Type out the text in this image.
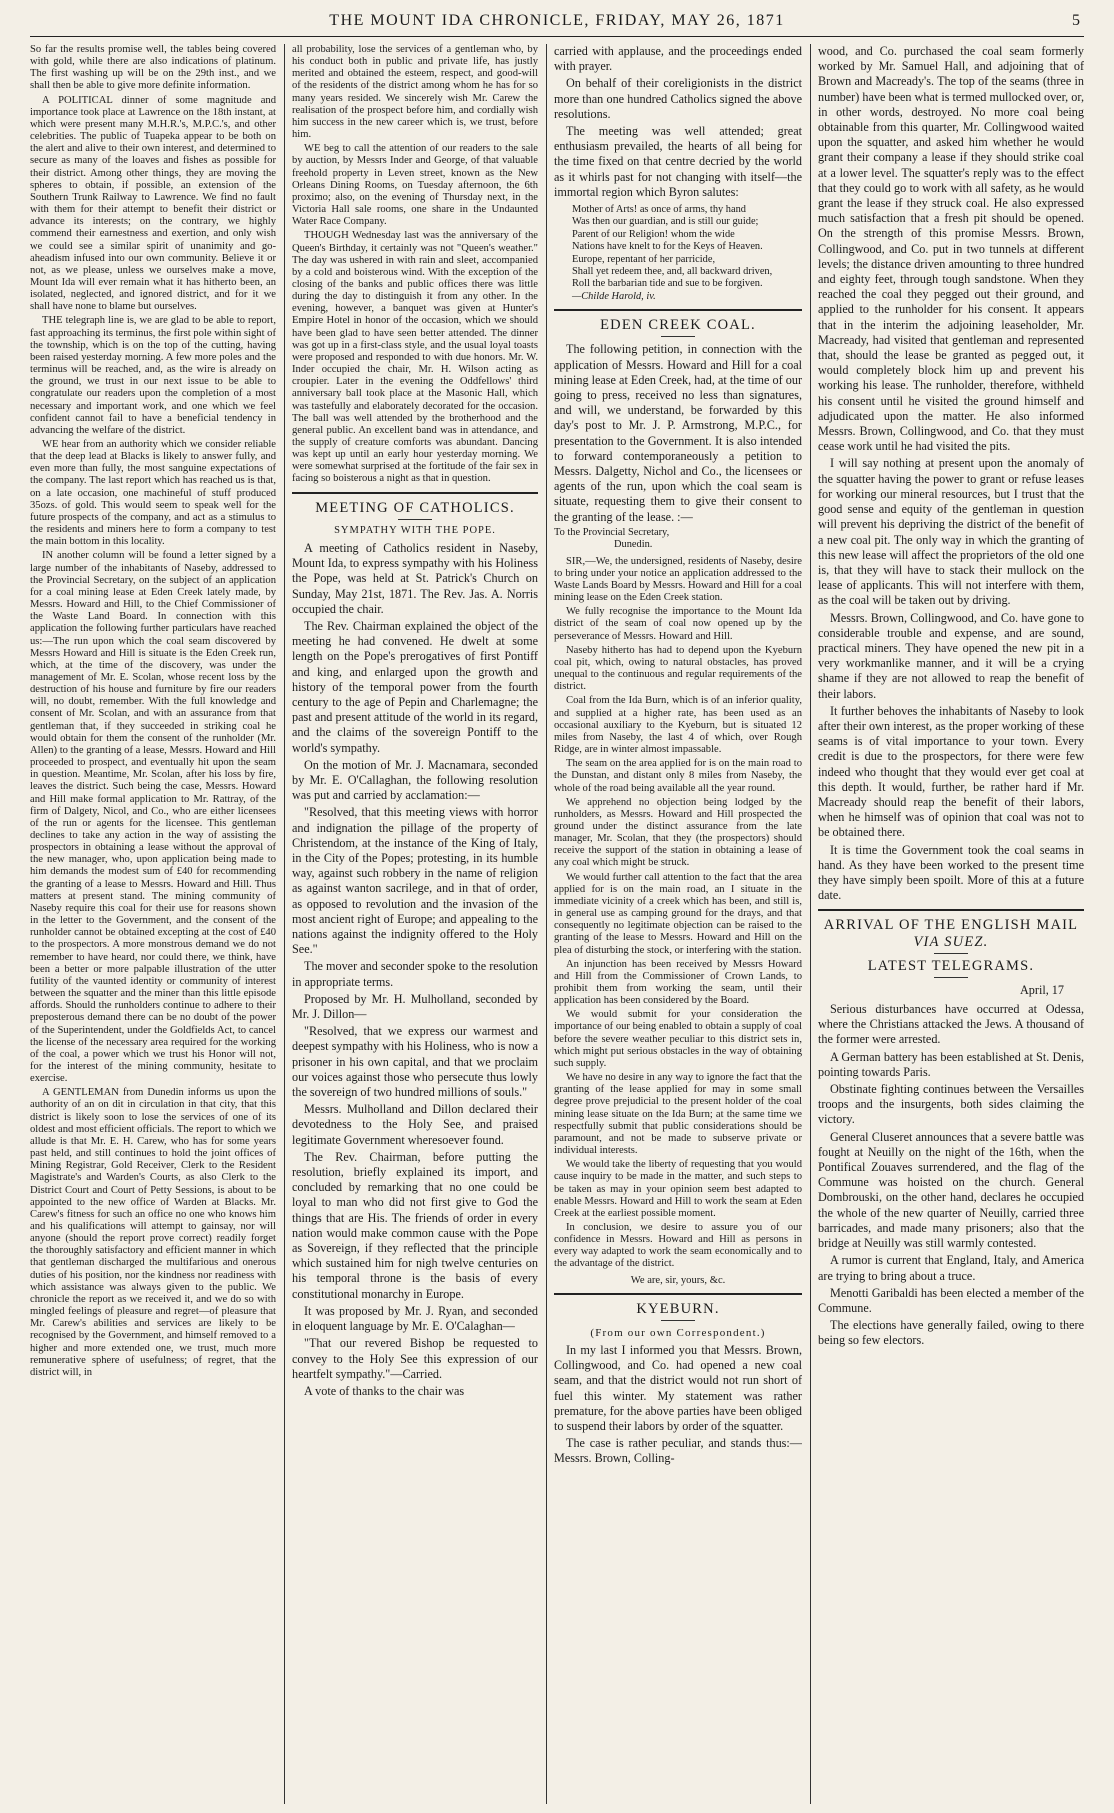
THE MOUNT IDA CHRONICLE, FRIDAY, MAY 26, 1871	5

So far the results promise well, the tables being covered with gold, while there are also indications of platinum. The first washing up will be on the 29th inst., and we shall then be able to give more definite information.

A POLITICAL dinner of some magnitude and importance took place at Lawrence on the 18th instant, at which were present many M.H.R.'s, M.P.C.'s, and other celebrities. The public of Tuapeka appear to be both on the alert and alive to their own interest, and determined to secure as many of the loaves and fishes as possible for their district. Among other things, they are moving the spheres to obtain, if possible, an extension of the Southern Trunk Railway to Lawrence. We find no fault with them for their attempt to benefit their district or advance its interests; on the contrary, we highly commend their earnestness and exertion, and only wish we could see a similar spirit of unanimity and go-aheadism infused into our own community. Believe it or not, as we please, unless we ourselves make a move, Mount Ida will ever remain what it has hitherto been, an isolated, neglected, and ignored district, and for it we shall have none to blame but ourselves.

THE telegraph line is, we are glad to be able to report, fast approaching its terminus, the first pole within sight of the township, which is on the top of the cutting, having been raised yesterday morning. A few more poles and the terminus will be reached, and, as the wire is already on the ground, we trust in our next issue to be able to congratulate our readers upon the completion of a most necessary and important work, and one which we feel confident cannot fail to have a beneficial tendency in advancing the welfare of the district.

WE hear from an authority which we consider reliable that the deep lead at Blacks is likely to answer fully, and even more than fully, the most sanguine expectations of the company. The last report which has reached us is that, on a late occasion, one machineful of stuff produced 35ozs. of gold. This would seem to speak well for the future prospects of the company, and act as a stimulus to the residents and miners here to form a company to test the main bottom in this locality.

IN another column will be found a letter signed by a large number of the inhabitants of Naseby, addressed to the Provincial Secretary, on the subject of an application for a coal mining lease at Eden Creek lately made, by Messrs. Howard and Hill, to the Chief Commissioner of the Waste Land Board. In connection with this application the following further particulars have reached us:—The run upon which the coal seam discovered by Messrs Howard and Hill is situate is the Eden Creek run, which, at the time of the discovery, was under the management of Mr. E. Scolan, whose recent loss by the destruction of his house and furniture by fire our readers will, no doubt, remember. With the full knowledge and consent of Mr. Scolan, and with an assurance from that gentleman that, if they succeeded in striking coal he would obtain for them the consent of the runholder (Mr. Allen) to the granting of a lease, Messrs. Howard and Hill proceeded to prospect, and eventually hit upon the seam in question. Meantime, Mr. Scolan, after his loss by fire, leaves the district. Such being the case, Messrs. Howard and Hill make formal application to Mr. Rattray, of the firm of Dalgety, Nicol, and Co., who are either licensees of the run or agents for the licensee. This gentleman declines to take any action in the way of assisting the prospectors in obtaining a lease without the approval of the new manager, who, upon application being made to him demands the modest sum of £40 for recommending the granting of a lease to Messrs. Howard and Hill. Thus matters at present stand. The mining community of Naseby require this coal for their use for reasons shown in the letter to the Government, and the consent of the runholder cannot be obtained excepting at the cost of £40 to the prospectors. A more monstrous demand we do not remember to have heard, nor could there, we think, have been a better or more palpable illustration of the utter futility of the vaunted identity or community of interest between the squatter and the miner than this little episode affords. Should the runholders continue to adhere to their preposterous demand there can be no doubt of the power of the Superintendent, under the Goldfields Act, to cancel the license of the necessary area required for the working of the coal, a power which we trust his Honor will not, for the interest of the mining community, hesitate to exercise.

A GENTLEMAN from Dunedin informs us upon the authority of an on dit in circulation in that city, that this district is likely soon to lose the services of one of its oldest and most efficient officials. The report to which we allude is that Mr. E. H. Carew, who has for some years past held, and still continues to hold the joint offices of Mining Registrar, Gold Receiver, Clerk to the Resident Magistrate's and Warden's Courts, as also Clerk to the District Court and Court of Petty Sessions, is about to be appointed to the new office of Warden at Blacks. Mr. Carew's fitness for such an office no one who knows him and his qualifications will attempt to gainsay, nor will anyone (should the report prove correct) readily forget the thoroughly satisfactory and efficient manner in which that gentleman discharged the multifarious and onerous duties of his position, nor the kindness nor readiness with which assistance was always given to the public. We chronicle the report as we received it, and we do so with mingled feelings of pleasure and regret—of pleasure that Mr. Carew's abilities and services are likely to be recognised by the Government, and himself removed to a higher and more extended one, we trust, much more remunerative sphere of usefulness; of regret, that the district will, in

all probability, lose the services of a gentleman who, by his conduct both in public and private life, has justly merited and obtained the esteem, respect, and good-will of the residents of the district among whom he has for so many years resided. We sincerely wish Mr. Carew the realisation of the prospect before him, and cordially wish him success in the new career which is, we trust, before him.

WE beg to call the attention of our readers to the sale by auction, by Messrs Inder and George, of that valuable freehold property in Leven street, known as the New Orleans Dining Rooms, on Tuesday afternoon, the 6th proximo; also, on the evening of Thursday next, in the Victoria Hall sale rooms, one share in the Undaunted Water Race Company.

THOUGH Wednesday last was the anniversary of the Queen's Birthday, it certainly was not "Queen's weather." The day was ushered in with rain and sleet, accompanied by a cold and boisterous wind. With the exception of the closing of the banks and public offices there was little during the day to distinguish it from any other. In the evening, however, a banquet was given at Hunter's Empire Hotel in honor of the occasion, which we should have been glad to have seen better attended. The dinner was got up in a first-class style, and the usual loyal toasts were proposed and responded to with due honors. Mr. W. Inder occupied the chair, Mr. H. Wilson acting as croupier. Later in the evening the Oddfellows' third anniversary ball took place at the Masonic Hall, which was tastefully and elaborately decorated for the occasion. The ball was well attended by the brotherhood and the general public. An excellent band was in attendance, and the supply of creature comforts was abundant. Dancing was kept up until an early hour yesterday morning. We were somewhat surprised at the fortitude of the fair sex in facing so boisterous a night as that in question.

MEETING OF CATHOLICS.
SYMPATHY WITH THE POPE.

A meeting of Catholics resident in Naseby, Mount Ida, to express sympathy with his Holiness the Pope, was held at St. Patrick's Church on Sunday, May 21st, 1871. The Rev. Jas. A. Norris occupied the chair.

The Rev. Chairman explained the object of the meeting he had convened. He dwelt at some length on the Pope's prerogatives of first Pontiff and king, and enlarged upon the growth and history of the temporal power from the fourth century to the age of Pepin and Charlemagne; the past and present attitude of the world in its regard, and the claims of the sovereign Pontiff to the world's sympathy.

On the motion of Mr. J. Macnamara, seconded by Mr. E. O'Callaghan, the following resolution was put and carried by acclamation:—

"Resolved, that this meeting views with horror and indignation the pillage of the property of Christendom, at the instance of the King of Italy, in the City of the Popes; protesting, in its humble way, against such robbery in the name of religion as against wanton sacrilege, and in that of order, as opposed to revolution and the invasion of the most ancient right of Europe; and appealing to the nations against the indignity offered to the Holy See."

The mover and seconder spoke to the resolution in appropriate terms.

Proposed by Mr. H. Mulholland, seconded by Mr. J. Dillon—

"Resolved, that we express our warmest and deepest sympathy with his Holiness, who is now a prisoner in his own capital, and that we proclaim our voices against those who persecute thus lowly the sovereign of two hundred millions of souls."

Messrs. Mulholland and Dillon declared their devotedness to the Holy See, and praised legitimate Government wheresoever found.

The Rev. Chairman, before putting the resolution, briefly explained its import, and concluded by remarking that no one could be loyal to man who did not first give to God the things that are His. The friends of order in every nation would make common cause with the Pope as Sovereign, if they reflected that the principle which sustained him for nigh twelve centuries on his temporal throne is the basis of every constitutional monarchy in Europe.

It was proposed by Mr. J. Ryan, and seconded in eloquent language by Mr. E. O'Calaghan—

"That our revered Bishop be requested to convey to the Holy See this expression of our heartfelt sympathy."—Carried.

A vote of thanks to the chair was

carried with applause, and the proceedings ended with prayer.

On behalf of their coreligionists in the district more than one hundred Catholics signed the above resolutions.

The meeting was well attended; great enthusiasm prevailed, the hearts of all being for the time fixed on that centre decried by the world as it whirls past for not changing with itself—the immortal region which Byron salutes:

Mother of Arts! as once of arms, thy hand
Was then our guardian, and is still our guide;
Parent of our Religion! whom the wide
Nations have knelt to for the Keys of Heaven.
Europe, repentant of her parricide,
Shall yet redeem thee, and, all backward driven,
Roll the barbarian tide and sue to be forgiven.
—Childe Harold, iv.
EDEN CREEK COAL.

The following petition, in connection with the application of Messrs. Howard and Hill for a coal mining lease at Eden Creek, had, at the time of our going to press, received no less than signatures, and will, we understand, be forwarded by this day's post to Mr. J. P. Armstrong, M.P.C., for presentation to the Government. It is also intended to forward contemporaneously a petition to Messrs. Dalgetty, Nichol and Co., the licensees or agents of the run, upon which the coal seam is situate, requesting them to give their consent to the granting of the lease. :—

To the Provincial Secretary,
Dunedin.

SIR,—We, the undersigned, residents of Naseby, desire to bring under your notice an application addressed to the Waste Lands Board by Messrs. Howard and Hill for a coal mining lease on the Eden Creek station.

We fully recognise the importance to the Mount Ida district of the seam of coal now opened up by the perseverance of Messrs. Howard and Hill.

Naseby hitherto has had to depend upon the Kyeburn coal pit, which, owing to natural obstacles, has proved unequal to the continuous and regular requirements of the district.

Coal from the Ida Burn, which is of an inferior quality, and supplied at a higher rate, has been used as an occasional auxiliary to the Kyeburn, but is situated 12 miles from Naseby, the last 4 of which, over Rough Ridge, are in winter almost impassable.

The seam on the area applied for is on the main road to the Dunstan, and distant only 8 miles from Naseby, the whole of the road being available all the year round.

We apprehend no objection being lodged by the runholders, as Messrs. Howard and Hill prospected the ground under the distinct assurance from the late manager, Mr. Scolan, that they (the prospectors) should receive the support of the station in obtaining a lease of any coal which might be struck.

We would further call attention to the fact that the area applied for is on the main road, an I situate in the immediate vicinity of a creek which has been, and still is, in general use as camping ground for the drays, and that consequently no legitimate objection can be raised to the granting of the lease to Messrs. Howard and Hill on the plea of disturbing the stock, or interfering with the station.

An injunction has been received by Messrs Howard and Hill from the Commissioner of Crown Lands, to prohibit them from working the seam, until their application has been considered by the Board.

We would submit for your consideration the importance of our being enabled to obtain a supply of coal before the severe weather peculiar to this district sets in, which might put serious obstacles in the way of obtaining such supply.

We have no desire in any way to ignore the fact that the granting of the lease applied for may in some small degree prove prejudicial to the present holder of the coal mining lease situate on the Ida Burn; at the same time we respectfully submit that public considerations should be paramount, and not be made to subserve private or individual interests.

We would take the liberty of requesting that you would cause inquiry to be made in the matter, and such steps to be taken as may in your opinion seem best adapted to enable Messrs. Howard and Hill to work the seam at Eden Creek at the earliest possible moment.

In conclusion, we desire to assure you of our confidence in Messrs. Howard and Hill as persons in every way adapted to work the seam economically and to the advantage of the district.

We are, sir, yours, &c.
KYEBURN.
(From our own Correspondent.)

In my last I informed you that Messrs. Brown, Collingwood, and Co. had opened a new coal seam, and that the district would not run short of fuel this winter. My statement was rather premature, for the above parties have been obliged to suspend their labors by order of the squatter.

The case is rather peculiar, and stands thus:—Messrs. Brown, Colling-

wood, and Co. purchased the coal seam formerly worked by Mr. Samuel Hall, and adjoining that of Brown and Macready's. The top of the seams (three in number) have been what is termed mullocked over, or, in other words, destroyed. No more coal being obtainable from this quarter, Mr. Collingwood waited upon the squatter, and asked him whether he would grant their company a lease if they should strike coal at a lower level. The squatter's reply was to the effect that they could go to work with all safety, as he would grant the lease if they struck coal. He also expressed much satisfaction that a fresh pit should be opened. On the strength of this promise Messrs. Brown, Collingwood, and Co. put in two tunnels at different levels; the distance driven amounting to three hundred and eighty feet, through tough sandstone. When they reached the coal they pegged out their ground, and applied to the runholder for his consent. It appears that in the interim the adjoining leaseholder, Mr. Macready, had visited that gentleman and represented that, should the lease be granted as pegged out, it would completely block him up and prevent his working his lease. The runholder, therefore, withheld his consent until he visited the ground himself and adjudicated upon the matter. He also informed Messrs. Brown, Collingwood, and Co. that they must cease work until he had visited the pits.

I will say nothing at present upon the anomaly of the squatter having the power to grant or refuse leases for working our mineral resources, but I trust that the good sense and equity of the gentleman in question will prevent his depriving the district of the benefit of a new coal pit. The only way in which the granting of this new lease will affect the proprietors of the old one is, that they will have to stack their mullock on the lease of applicants. This will not interfere with them, as the coal will be taken out by driving.

Messrs. Brown, Collingwood, and Co. have gone to considerable trouble and expense, and are sound, practical miners. They have opened the new pit in a very workmanlike manner, and it will be a crying shame if they are not allowed to reap the benefit of their labors.

It further behoves the inhabitants of Naseby to look after their own interest, as the proper working of these seams is of vital importance to your town. Every credit is due to the prospectors, for there were few indeed who thought that they would ever get coal at this depth. It would, further, be rather hard if Mr. Macready should reap the benefit of their labors, when he himself was of opinion that coal was not to be obtained there.

It is time the Government took the coal seams in hand. As they have been worked to the present time they have simply been spoilt. More of this at a future date.

ARRIVAL OF THE ENGLISH MAIL
VIA SUEZ.
LATEST TELEGRAMS.
April, 17

Serious disturbances have occurred at Odessa, where the Christians attacked the Jews. A thousand of the former were arrested.

A German battery has been established at St. Denis, pointing towards Paris.

Obstinate fighting continues between the Versailles troops and the insurgents, both sides claiming the victory.

General Cluseret announces that a severe battle was fought at Neuilly on the night of the 16th, when the Pontifical Zouaves surrendered, and the flag of the Commune was hoisted on the church. General Dombrouski, on the other hand, declares he occupied the whole of the new quarter of Neuilly, carried three barricades, and made many prisoners; also that the bridge at Neuilly was still warmly contested.

A rumor is current that England, Italy, and America are trying to bring about a truce.

Menotti Garibaldi has been elected a member of the Commune.

The elections have generally failed, owing to there being so few electors.
